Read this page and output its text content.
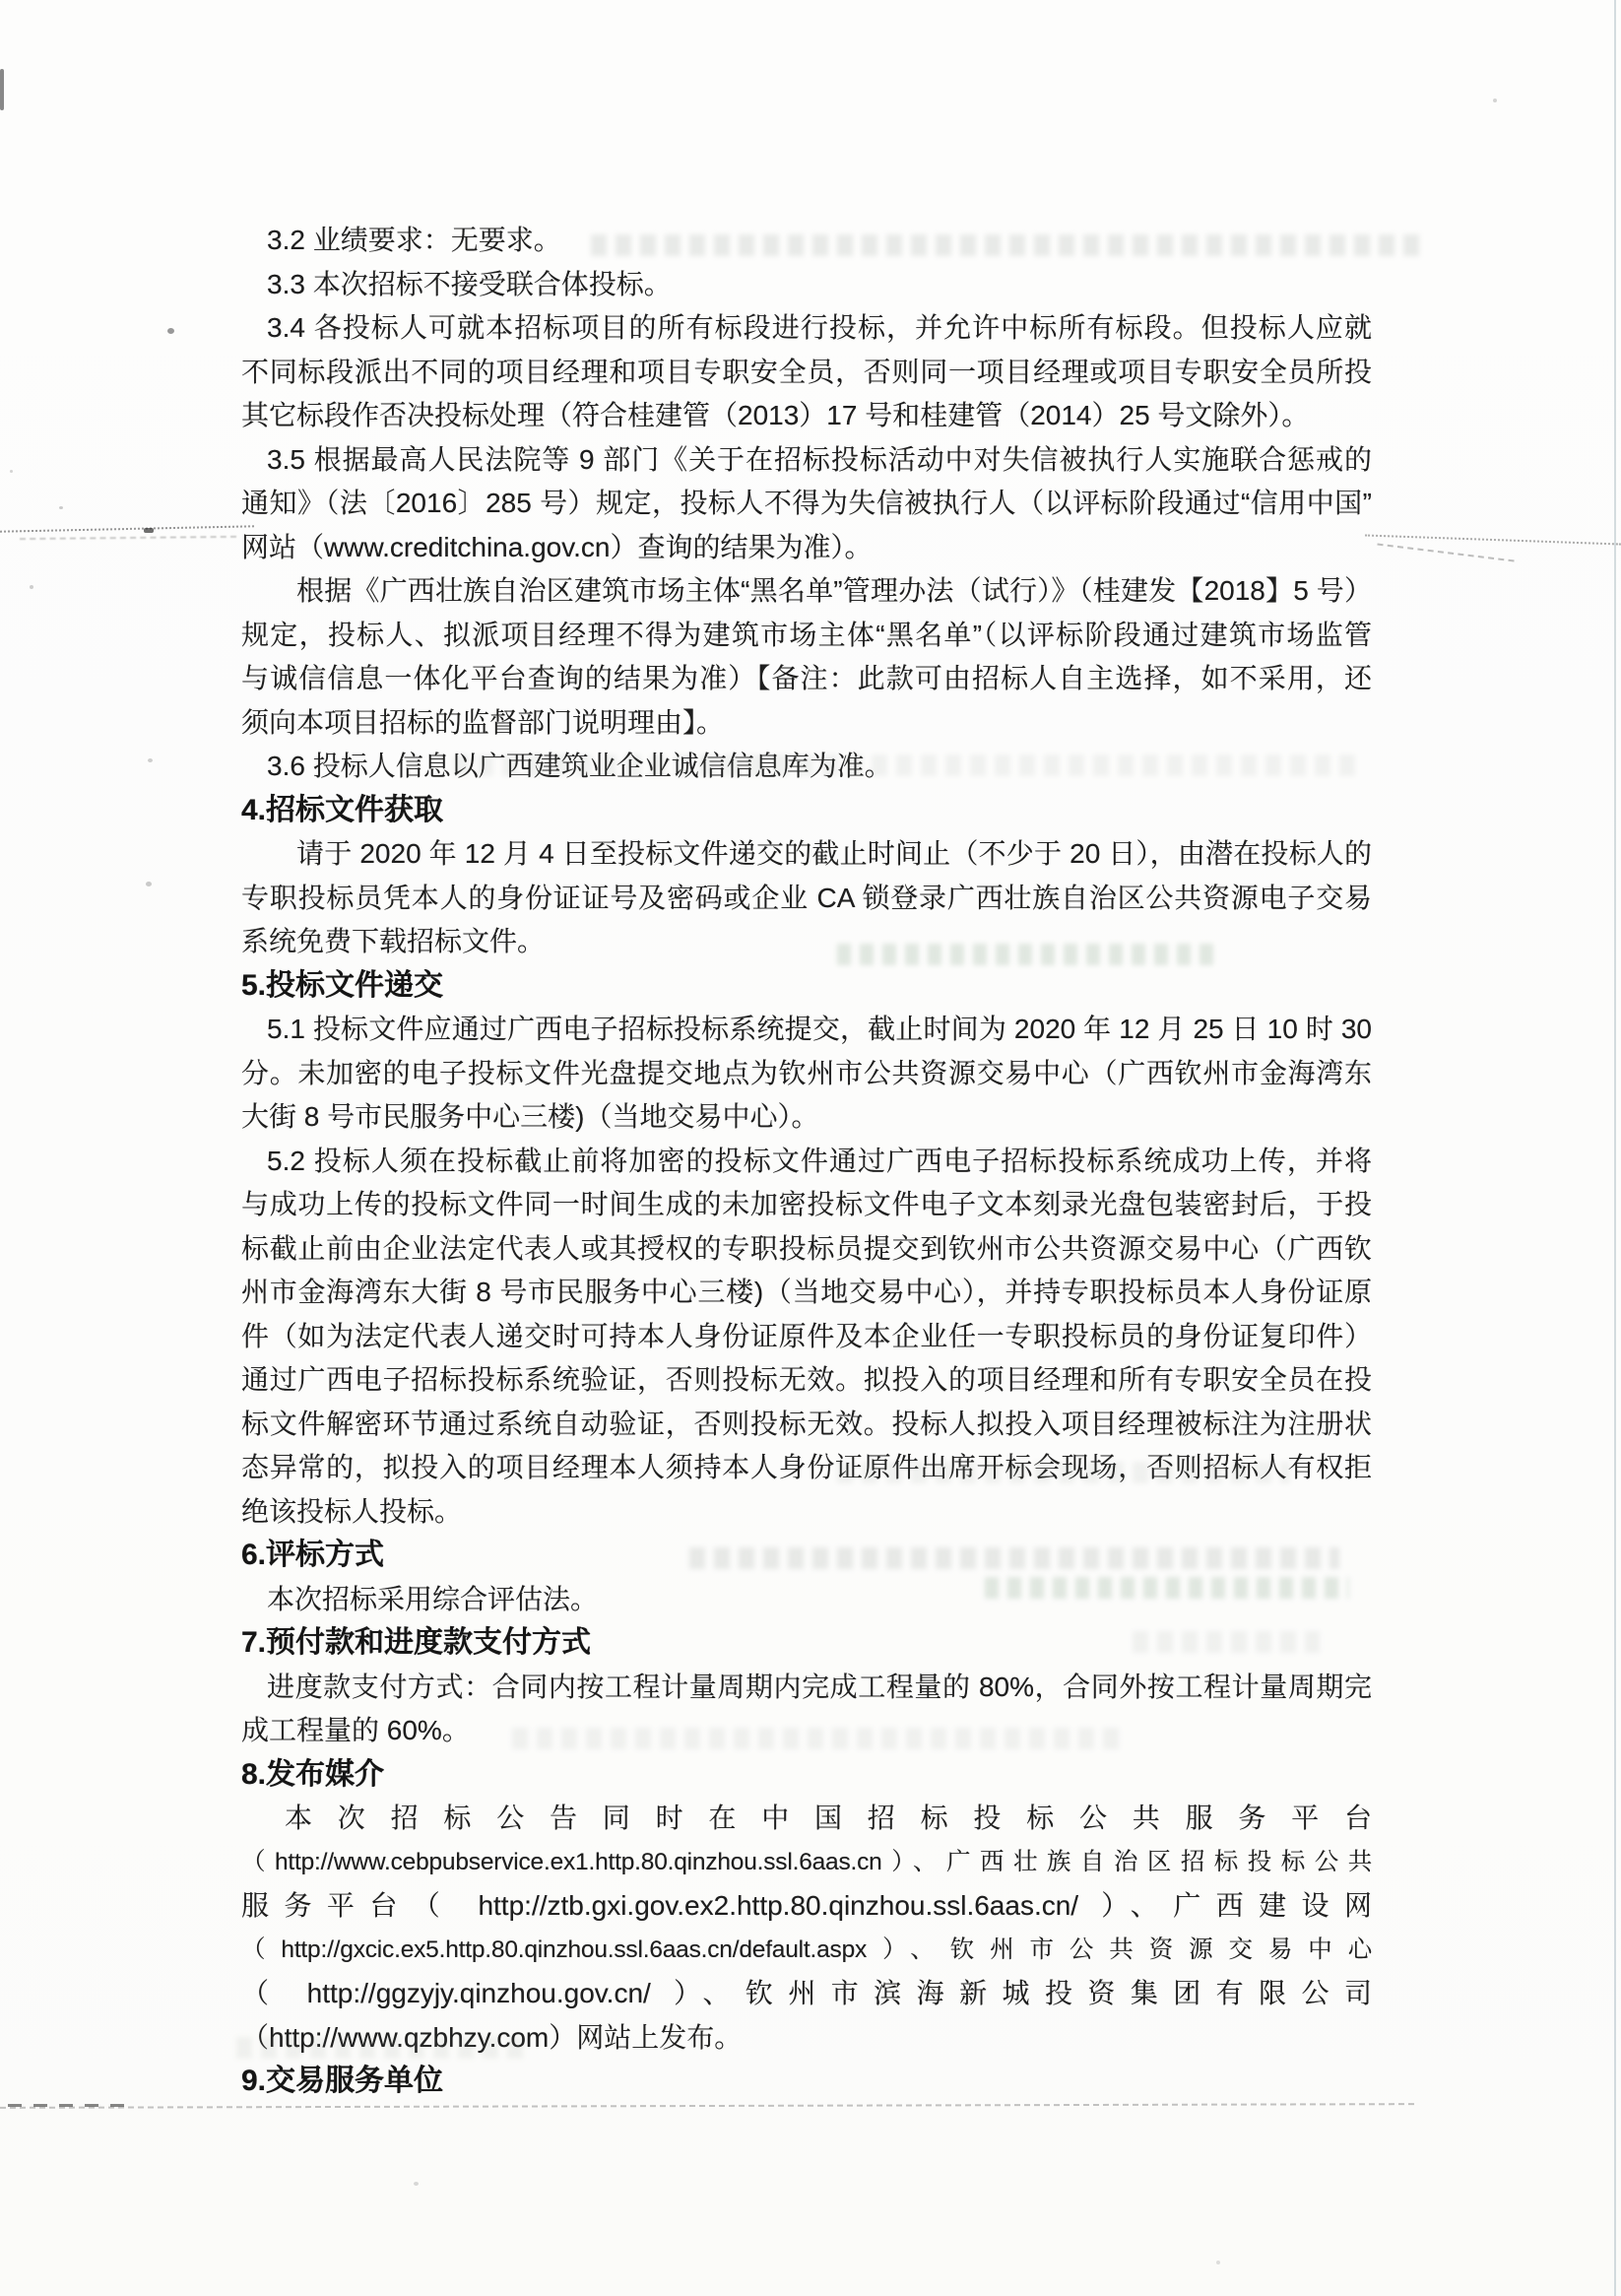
3.2 业绩要求：无要求。
3.3 本次招标不接受联合体投标。
3.4 各投标人可就本招标项目的所有标段进行投标，并允许中标所有标段。但投标人应就
不同标段派出不同的项目经理和项目专职安全员，否则同一项目经理或项目专职安全员所投
其它标段作否决投标处理（符合桂建管（2013）17 号和桂建管（2014）25 号文除外）。
3.5 根据最高人民法院等 9 部门《关于在招标投标活动中对失信被执行人实施联合惩戒的
通知》（法〔2016〕285 号）规定，投标人不得为失信被执行人（以评标阶段通过“信用中国”
网站（www.creditchina.gov.cn）查询的结果为准）。
根据《广西壮族自治区建筑市场主体“黑名单”管理办法（试行）》（桂建发【2018】5 号）
规定，投标人、拟派项目经理不得为建筑市场主体“黑名单”（以评标阶段通过建筑市场监管
与诚信信息一体化平台查询的结果为准）【备注：此款可由招标人自主选择，如不采用，还
须向本项目招标的监督部门说明理由】。
3.6 投标人信息以广西建筑业企业诚信信息库为准。
4.招标文件获取
请于 2020 年 12 月 4 日至投标文件递交的截止时间止（不少于 20 日），由潜在投标人的
专职投标员凭本人的身份证证号及密码或企业 CA 锁登录广西壮族自治区公共资源电子交易
系统免费下载招标文件。
5.投标文件递交
5.1 投标文件应通过广西电子招标投标系统提交，截止时间为 2020 年 12 月 25 日 10 时 30
分。未加密的电子投标文件光盘提交地点为钦州市公共资源交易中心（广西钦州市金海湾东
大街 8 号市民服务中心三楼)（当地交易中心）。
5.2 投标人须在投标截止前将加密的投标文件通过广西电子招标投标系统成功上传，并将
与成功上传的投标文件同一时间生成的未加密投标文件电子文本刻录光盘包装密封后，于投
标截止前由企业法定代表人或其授权的专职投标员提交到钦州市公共资源交易中心（广西钦
州市金海湾东大街 8 号市民服务中心三楼)（当地交易中心），并持专职投标员本人身份证原
件（如为法定代表人递交时可持本人身份证原件及本企业任一专职投标员的身份证复印件）
通过广西电子招标投标系统验证，否则投标无效。拟投入的项目经理和所有专职安全员在投
标文件解密环节通过系统自动验证，否则投标无效。投标人拟投入项目经理被标注为注册状
态异常的，拟投入的项目经理本人须持本人身份证原件出席开标会现场，否则招标人有权拒
绝该投标人投标。
6.评标方式
本次招标采用综合评估法。
7.预付款和进度款支付方式
进度款支付方式：合同内按工程计量周期内完成工程量的 80%，合同外按工程计量周期完
成工程量的 60%。
8.发布媒介
本次招标公告同时在中国招标投标公共服务平台
（http://www.cebpubservice.ex1.http.80.qinzhou.ssl.6aas.cn）、广西壮族自治区招标投标公共
服务平台（ http://ztb.gxi.gov.ex2.http.80.qinzhou.ssl.6aas.cn/ ）、广西建设网
（http://gxcic.ex5.http.80.qinzhou.ssl.6aas.cn/default.aspx）、钦州市公共资源交易中心
（ http://ggzyjy.qinzhou.gov.cn/ ）、钦州市滨海新城投资集团有限公司
（http://www.qzbhzy.com）网站上发布。
9.交易服务单位
